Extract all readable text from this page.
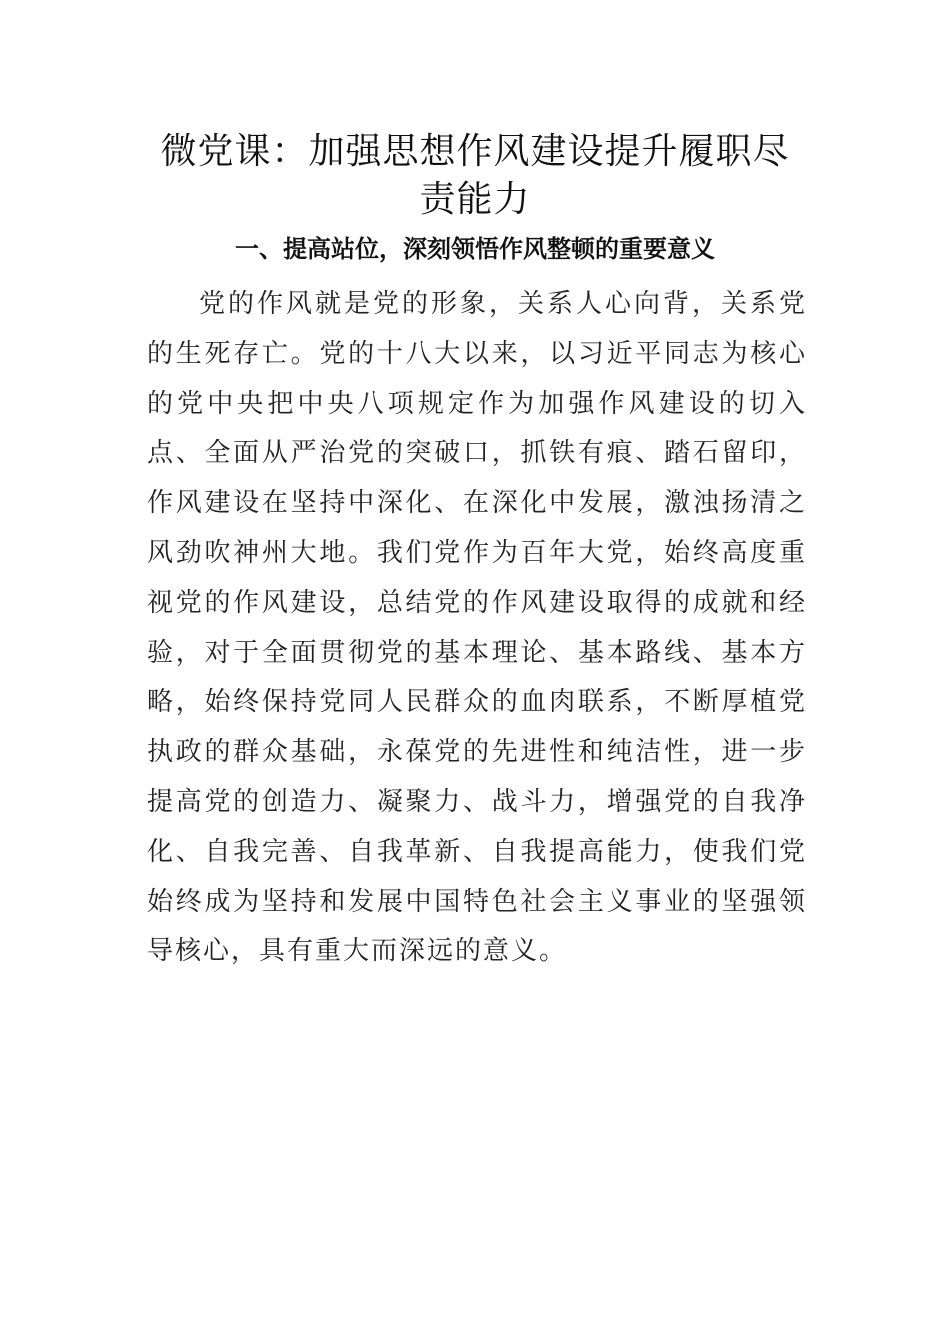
微党课：加强思想作风建设提升履职尽责能力
一、提高站位，深刻领悟作风整顿的重要意义

党的作风就是党的形象，关系人心向背，关系党的生死存亡。党的十八大以来，以习近平同志为核心的党中央把中央八项规定作为加强作风建设的切入点、全面从严治党的突破口，抓铁有痕、踏石留印，作风建设在坚持中深化、在深化中发展，激浊扬清之风劲吹神州大地。我们党作为百年大党，始终高度重视党的作风建设，总结党的作风建设取得的成就和经验，对于全面贯彻党的基本理论、基本路线、基本方略，始终保持党同人民群众的血肉联系，不断厚植党执政的群众基础，永葆党的先进性和纯洁性，进一步提高党的创造力、凝聚力、战斗力，增强党的自我净化、自我完善、自我革新、自我提高能力，使我们党始终成为坚持和发展中国特色社会主义事业的坚强领导核心，具有重大而深远的意义。
